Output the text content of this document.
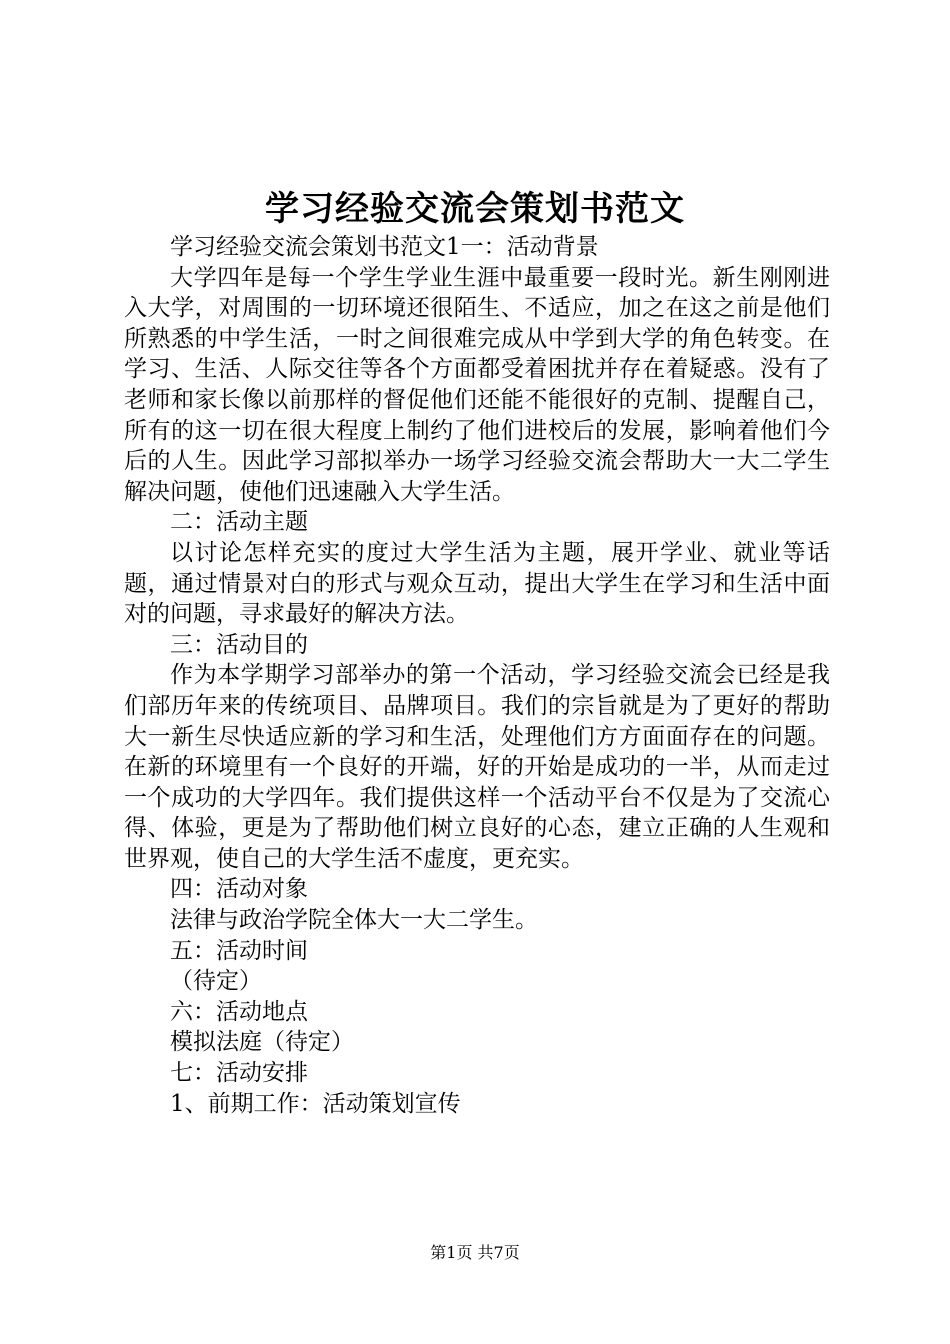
学习经验交流会策划书范文

学习经验交流会策划书范文1一：活动背景

大学四年是每一个学生学业生涯中最重要一段时光。新生刚刚进入大学，对周围的一切环境还很陌生、不适应，加之在这之前是他们所熟悉的中学生活，一时之间很难完成从中学到大学的角色转变。在学习、生活、人际交往等各个方面都受着困扰并存在着疑惑。没有了老师和家长像以前那样的督促他们还能不能很好的克制、提醒自己，所有的这一切在很大程度上制约了他们进校后的发展，影响着他们今后的人生。因此学习部拟举办一场学习经验交流会帮助大一大二学生解决问题，使他们迅速融入大学生活。

二：活动主题

以讨论怎样充实的度过大学生活为主题，展开学业、就业等话题，通过情景对白的形式与观众互动，提出大学生在学习和生活中面对的问题，寻求最好的解决方法。

三：活动目的

作为本学期学习部举办的第一个活动，学习经验交流会已经是我们部历年来的传统项目、品牌项目。我们的宗旨就是为了更好的帮助大一新生尽快适应新的学习和生活，处理他们方方面面存在的问题。在新的环境里有一个良好的开端，好的开始是成功的一半，从而走过一个成功的大学四年。我们提供这样一个活动平台不仅是为了交流心得、体验，更是为了帮助他们树立良好的心态，建立正确的人生观和世界观，使自己的大学生活不虚度，更充实。

四：活动对象

法律与政治学院全体大一大二学生。

五：活动时间

（待定）

六：活动地点

模拟法庭（待定）

七：活动安排

1、前期工作：活动策划宣传

第1页 共7页
